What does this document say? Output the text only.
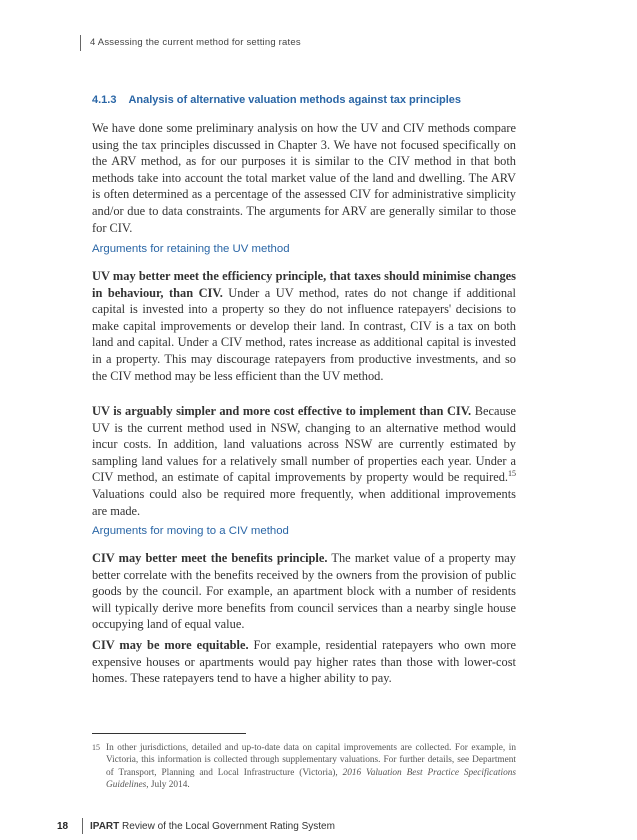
4 Assessing the current method for setting rates
4.1.3 Analysis of alternative valuation methods against tax principles

We have done some preliminary analysis on how the UV and CIV methods compare using the tax principles discussed in Chapter 3. We have not focused specifically on the ARV method, as for our purposes it is similar to the CIV method in that both methods take into account the total market value of the land and dwelling. The ARV is often determined as a percentage of the assessed CIV for administrative simplicity and/or due to data constraints. The arguments for ARV are generally similar to those for CIV.

Arguments for retaining the UV method

UV may better meet the efficiency principle, that taxes should minimise changes in behaviour, than CIV. Under a UV method, rates do not change if additional capital is invested into a property so they do not influence ratepayers' decisions to make capital improvements or develop their land. In contrast, CIV is a tax on both land and capital. Under a CIV method, rates increase as additional capital is invested in a property. This may discourage ratepayers from productive investments, and so the CIV method may be less efficient than the UV method.

UV is arguably simpler and more cost effective to implement than CIV. Because UV is the current method used in NSW, changing to an alternative method would incur costs. In addition, land valuations across NSW are currently estimated by sampling land values for a relatively small number of properties each year. Under a CIV method, an estimate of capital improvements by property would be required.$^{15}$ Valuations could also be required more frequently, when additional improvements are made.

Arguments for moving to a CIV method

CIV may better meet the benefits principle. The market value of a property may better correlate with the benefits received by the owners from the provision of public goods by the council. For example, an apartment block with a number of residents will typically derive more benefits from council services than a nearby single house occupying land of equal value.

CIV may be more equitable. For example, residential ratepayers who own more expensive houses or apartments would pay higher rates than those with lower-cost homes. These ratepayers tend to have a higher ability to pay.

15 In other jurisdictions, detailed and up-to-date data on capital improvements are collected. For example, in Victoria, this information is collected through supplementary valuations. For further details, see Department of Transport, Planning and Local Infrastructure (Victoria), 2016 Valuation Best Practice Specifications Guidelines, July 2014.

18 IPART Review of the Local Government Rating System
